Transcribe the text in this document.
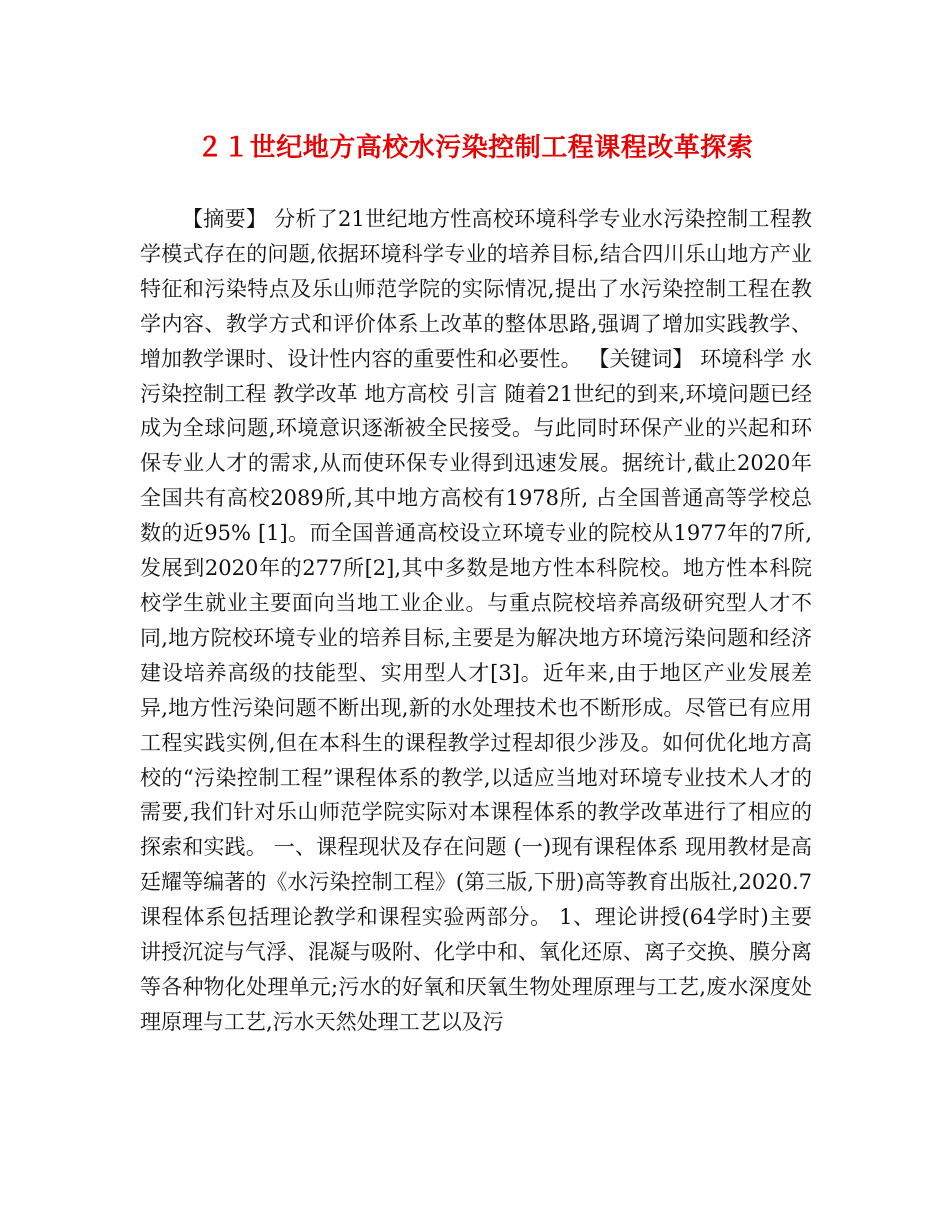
２１世纪地方高校水污染控制工程课程改革探索

【摘要】 分析了21世纪地方性高校环境科学专业水污染控制工程教学模式存在的问题,依据环境科学专业的培养目标,结合四川乐山地方产业特征和污染特点及乐山师范学院的实际情况,提出了水污染控制工程在教学内容、教学方式和评价体系上改革的整体思路,强调了增加实践教学、增加教学课时、设计性内容的重要性和必要性。 【关键词】 环境科学 水污染控制工程 教学改革 地方高校 引言 随着21世纪的到来,环境问题已经成为全球问题,环境意识逐渐被全民接受。与此同时环保产业的兴起和环保专业人才的需求,从而使环保专业得到迅速发展。据统计,截止2020年全国共有高校2089所,其中地方高校有1978所, 占全国普通高等学校总数的近95% [1]。而全国普通高校设立环境专业的院校从1977年的7所,发展到2020年的277所[2],其中多数是地方性本科院校。地方性本科院校学生就业主要面向当地工业企业。与重点院校培养高级研究型人才不同,地方院校环境专业的培养目标,主要是为解决地方环境污染问题和经济建设培养高级的技能型、实用型人才[3]。近年来,由于地区产业发展差异,地方性污染问题不断出现,新的水处理技术也不断形成。尽管已有应用工程实践实例,但在本科生的课程教学过程却很少涉及。如何优化地方高校的“污染控制工程”课程体系的教学,以适应当地对环境专业技术人才的需要,我们针对乐山师范学院实际对本课程体系的教学改革进行了相应的探索和实践。 一、课程现状及存在问题 (一)现有课程体系 现用教材是高廷耀等编著的《水污染控制工程》(第三版,下册)高等教育出版社,2020.7课程体系包括理论教学和课程实验两部分。 1、理论讲授(64学时)主要讲授沉淀与气浮、混凝与吸附、化学中和、氧化还原、离子交换、膜分离等各种物化处理单元;污水的好氧和厌氧生物处理原理与工艺,废水深度处理原理与工艺,污水天然处理工艺以及污
